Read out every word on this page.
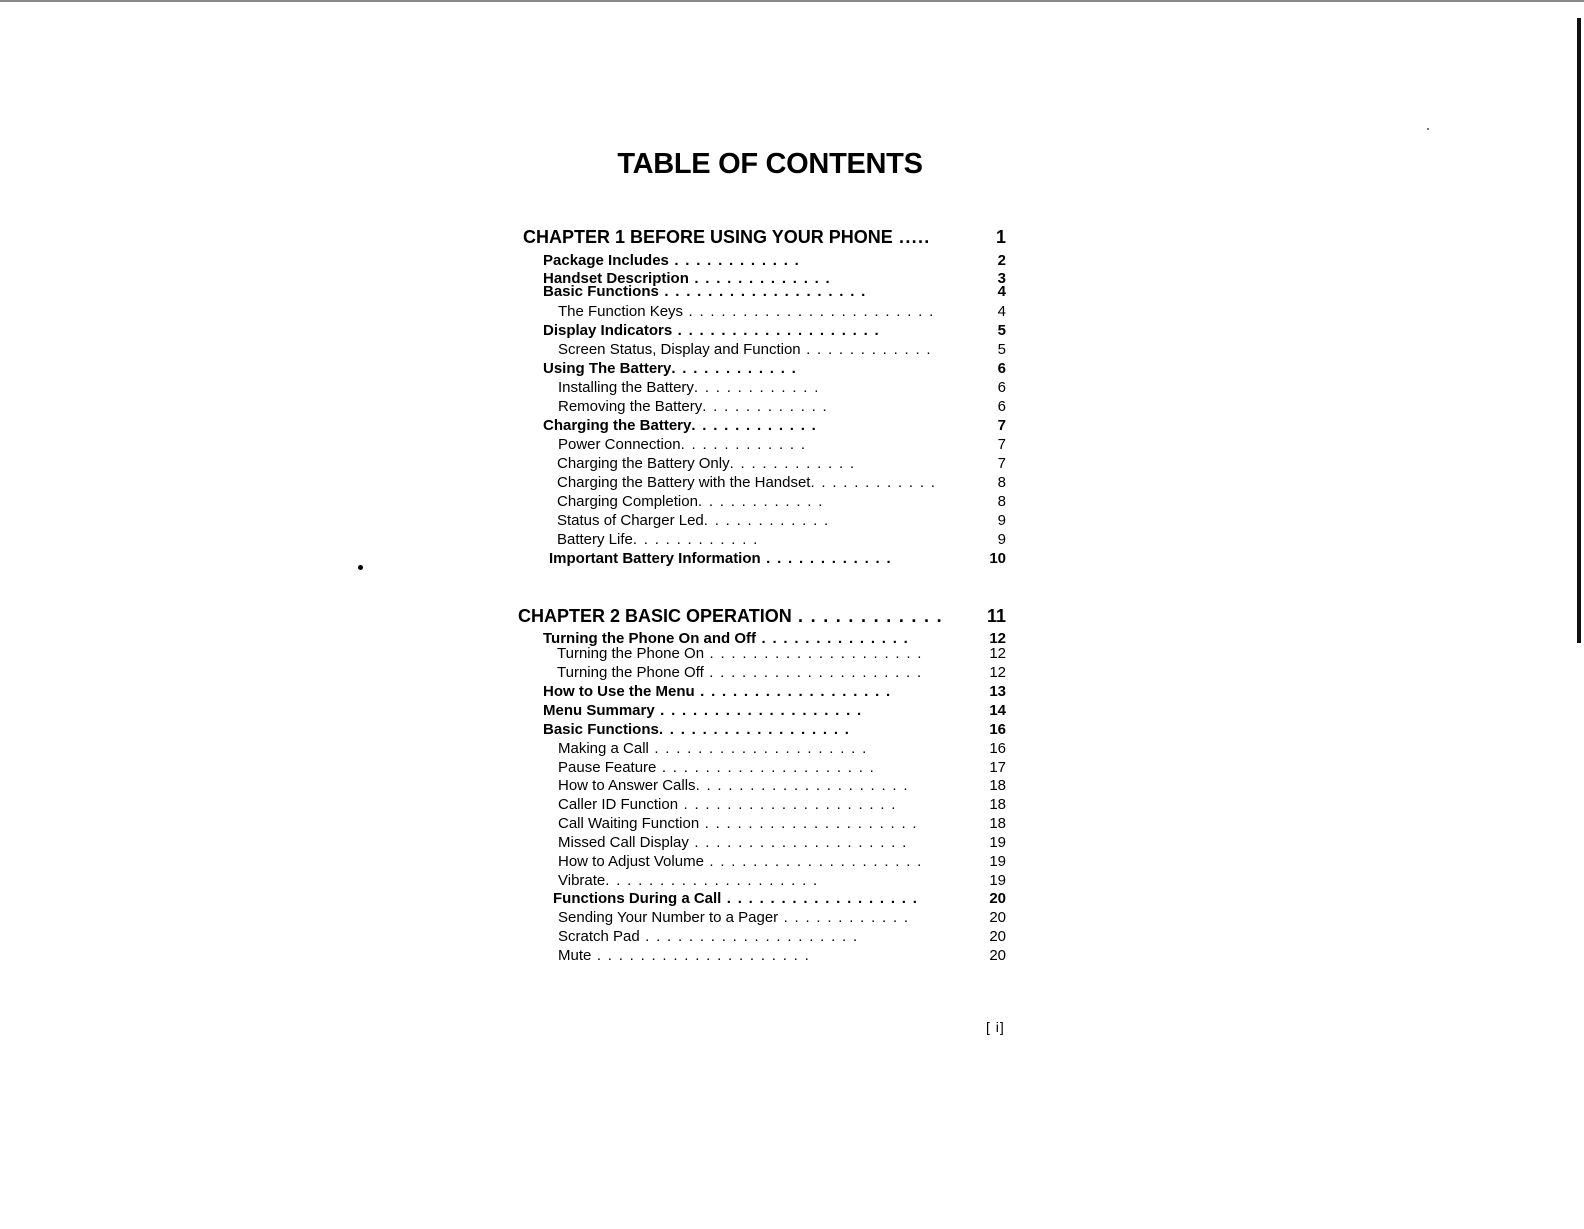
TABLE OF CONTENTS
CHAPTER 1 BEFORE USING YOUR PHONE .....	1
Package Includes . . . . . . . . . . . .	2
Handset Description . . . . . . . . . . . . .	3
Basic Functions . . . . . . . . . . . . . . . . . . .	4
The Function Keys . . . . . . . . . . . . . . . . . . . . . . .	4
Display Indicators . . . . . . . . . . . . . . . . . . .	5
Screen Status, Display and Function . . . . . . . . . . . .	5
Using The Battery. . . . . . . . . . . .	6
Installing the Battery. . . . . . . . . . . .	6
Removing the Battery. . . . . . . . . . . .	6
Charging the Battery. . . . . . . . . . . .	7
Power Connection. . . . . . . . . . . .	7
Charging the Battery Only. . . . . . . . . . . .	7
Charging the Battery with the Handset. . . . . . . . . . . .	8
Charging Completion. . . . . . . . . . . .	8
Status of Charger Led. . . . . . . . . . . .	9
Battery Life. . . . . . . . . . . .	9
Important Battery Information . . . . . . . . . . . .	10
CHAPTER 2 BASIC OPERATION . . . . . . . . . . . .	11
Turning the Phone On and Off . . . . . . . . . . . . . .	12
Turning the Phone On . . . . . . . . . . . . . . . . . . . .	12
Turning the Phone Off . . . . . . . . . . . . . . . . . . . .	12
How to Use the Menu . . . . . . . . . . . . . . . . . .	13
Menu Summary . . . . . . . . . . . . . . . . . . .	14
Basic Functions. . . . . . . . . . . . . . . . . .	16
Making a Call . . . . . . . . . . . . . . . . . . . .	16
Pause Feature . . . . . . . . . . . . . . . . . . . .	17
How to Answer Calls. . . . . . . . . . . . . . . . . . . .	18
Caller ID Function . . . . . . . . . . . . . . . . . . . .	18
Call Waiting Function . . . . . . . . . . . . . . . . . . . .	18
Missed Call Display . . . . . . . . . . . . . . . . . . . .	19
How to Adjust Volume . . . . . . . . . . . . . . . . . . . .	19
Vibrate. . . . . . . . . . . . . . . . . . . .	19
Functions During a Call . . . . . . . . . . . . . . . . . .	20
Sending Your Number to a Pager . . . . . . . . . . . .	20
Scratch Pad . . . . . . . . . . . . . . . . . . . .	20
Mute . . . . . . . . . . . . . . . . . . . .	20
[ i]
